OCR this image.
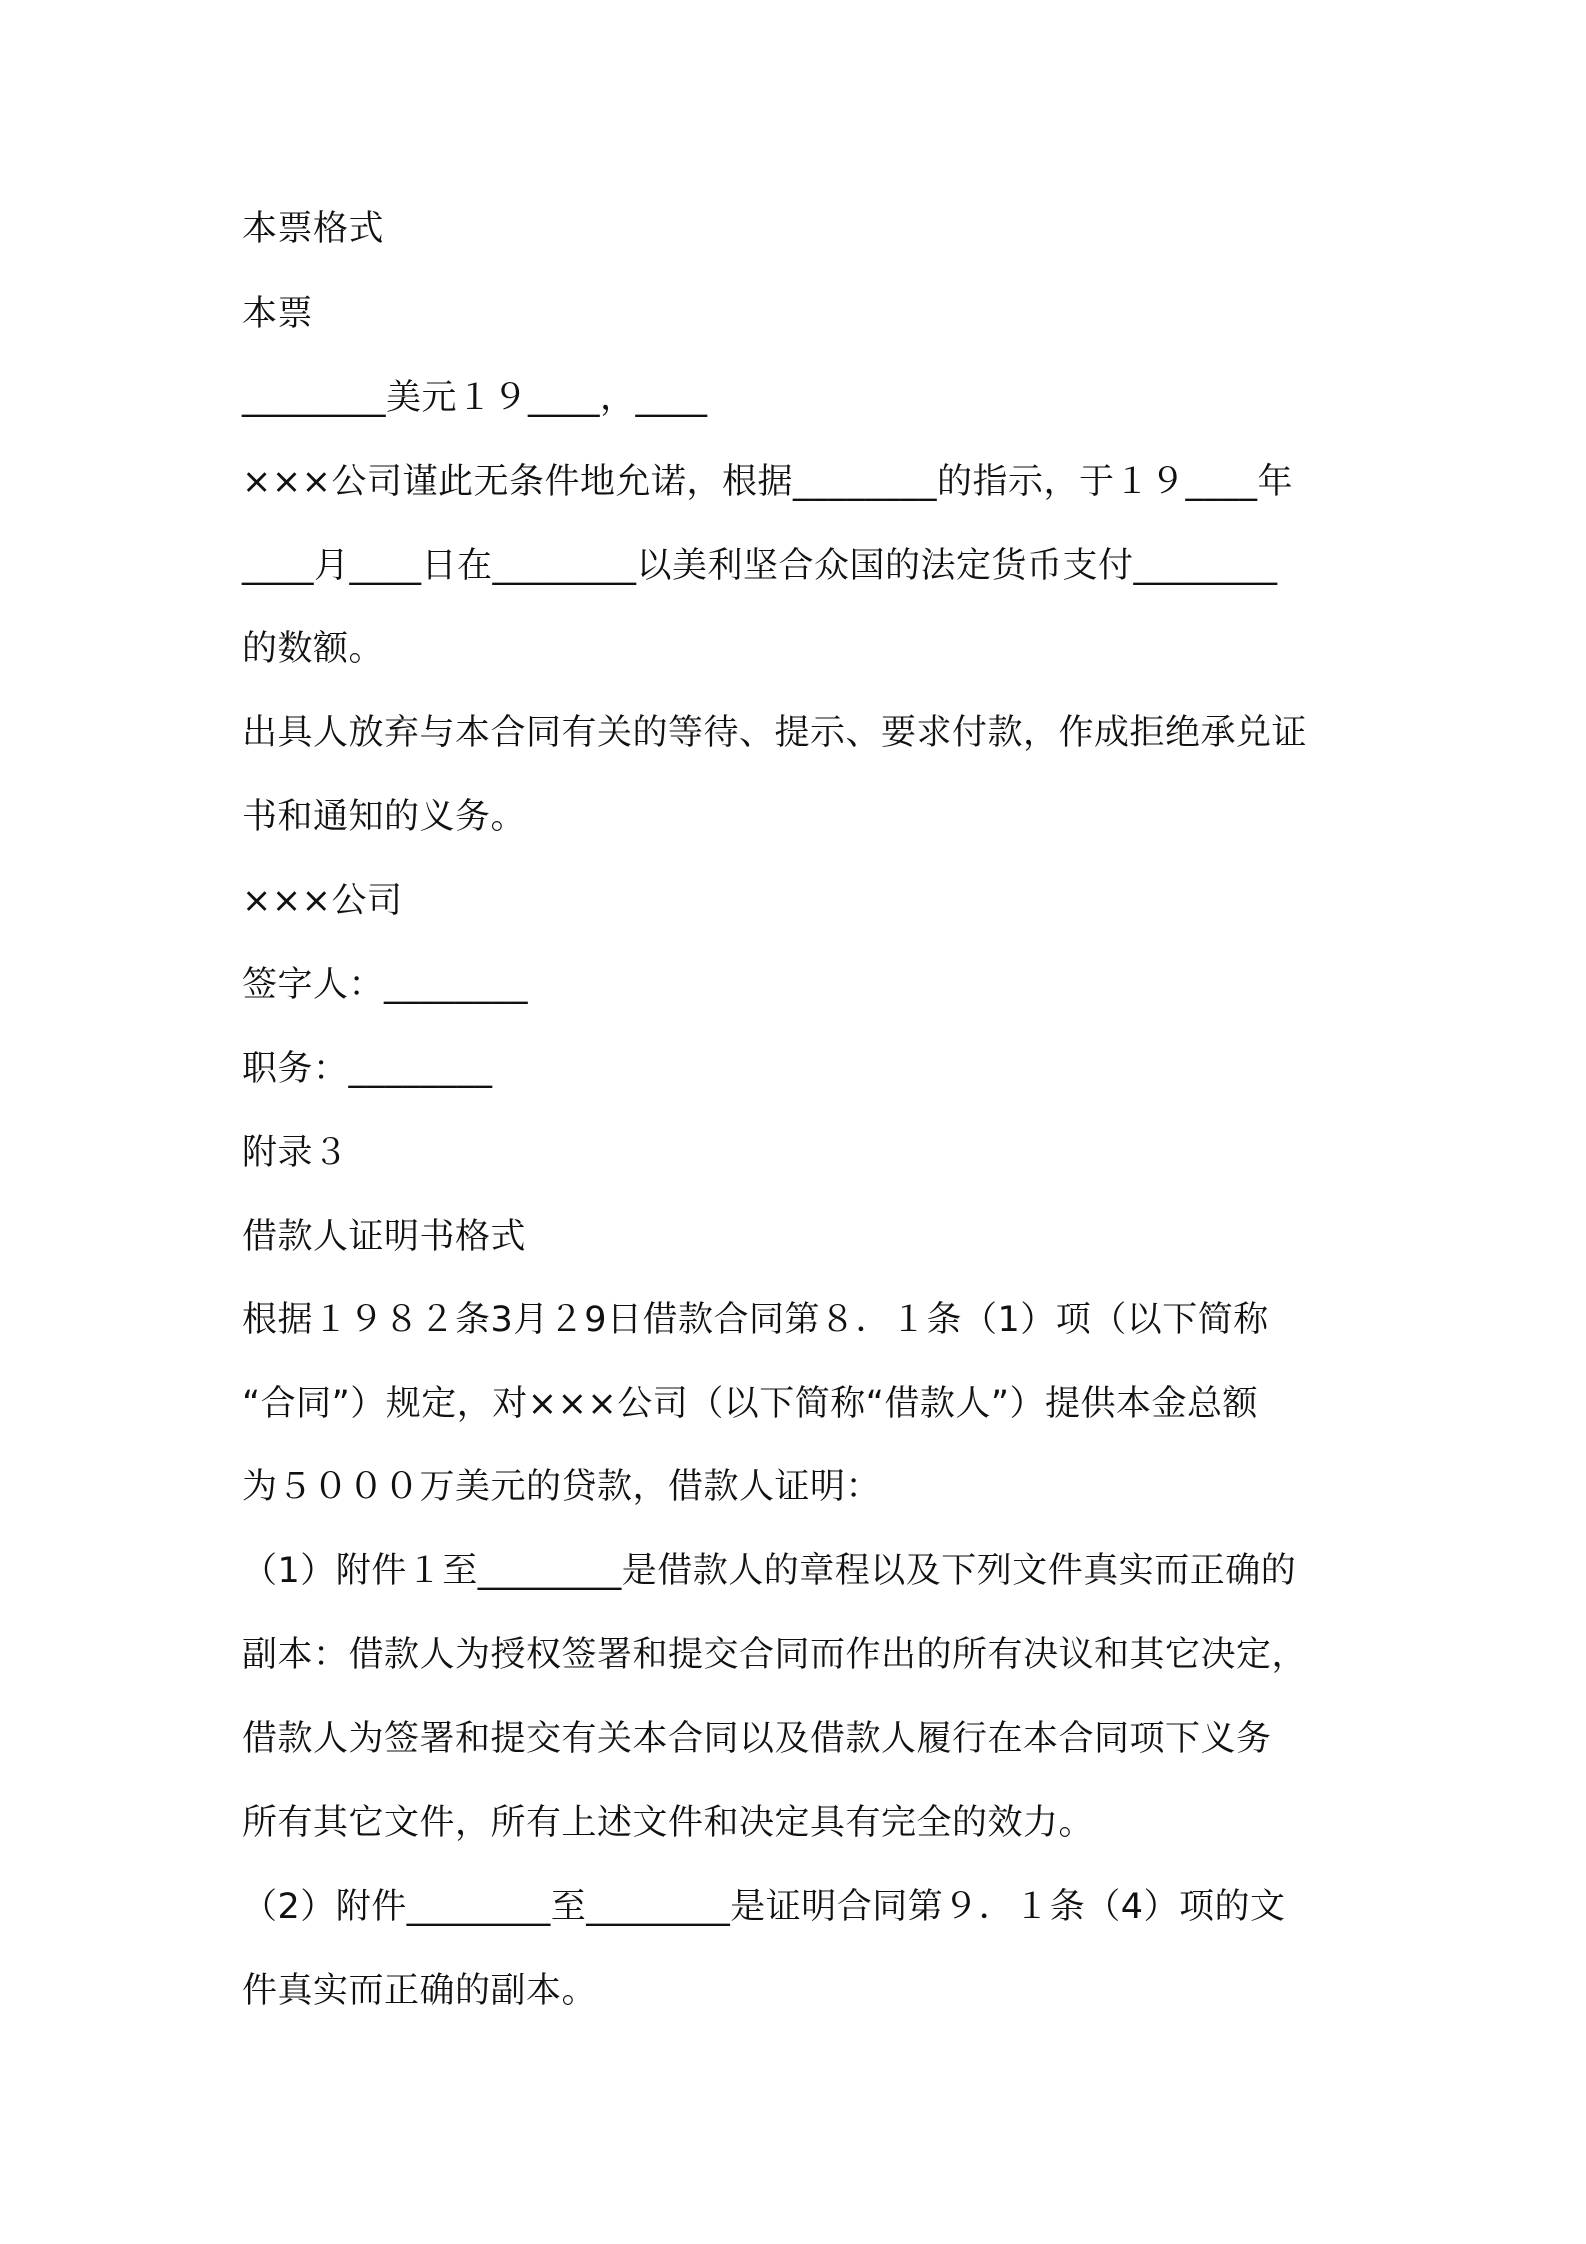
本票格式
本票
________美元１９____，____
×××公司谨此无条件地允诺，根据________的指示，于１９____年
____月____日在________以美利坚合众国的法定货币支付________
的数额。
出具人放弃与本合同有关的等待、提示、要求付款，作成拒绝承兑证
书和通知的义务。
×××公司
签字人：________
职务：________
附录３
借款人证明书格式
根据１９８２条3月２9日借款合同第８．１条（1）项（以下简称
“合同”）规定，对×××公司（以下简称“借款人”）提供本金总额
为５０００万美元的贷款，借款人证明：
（1）附件１至________是借款人的章程以及下列文件真实而正确的
副本：借款人为授权签署和提交合同而作出的所有决议和其它决定，
借款人为签署和提交有关本合同以及借款人履行在本合同项下义务
所有其它文件，所有上述文件和决定具有完全的效力。
（2）附件________至________是证明合同第９．１条（4）项的文
件真实而正确的副本。
